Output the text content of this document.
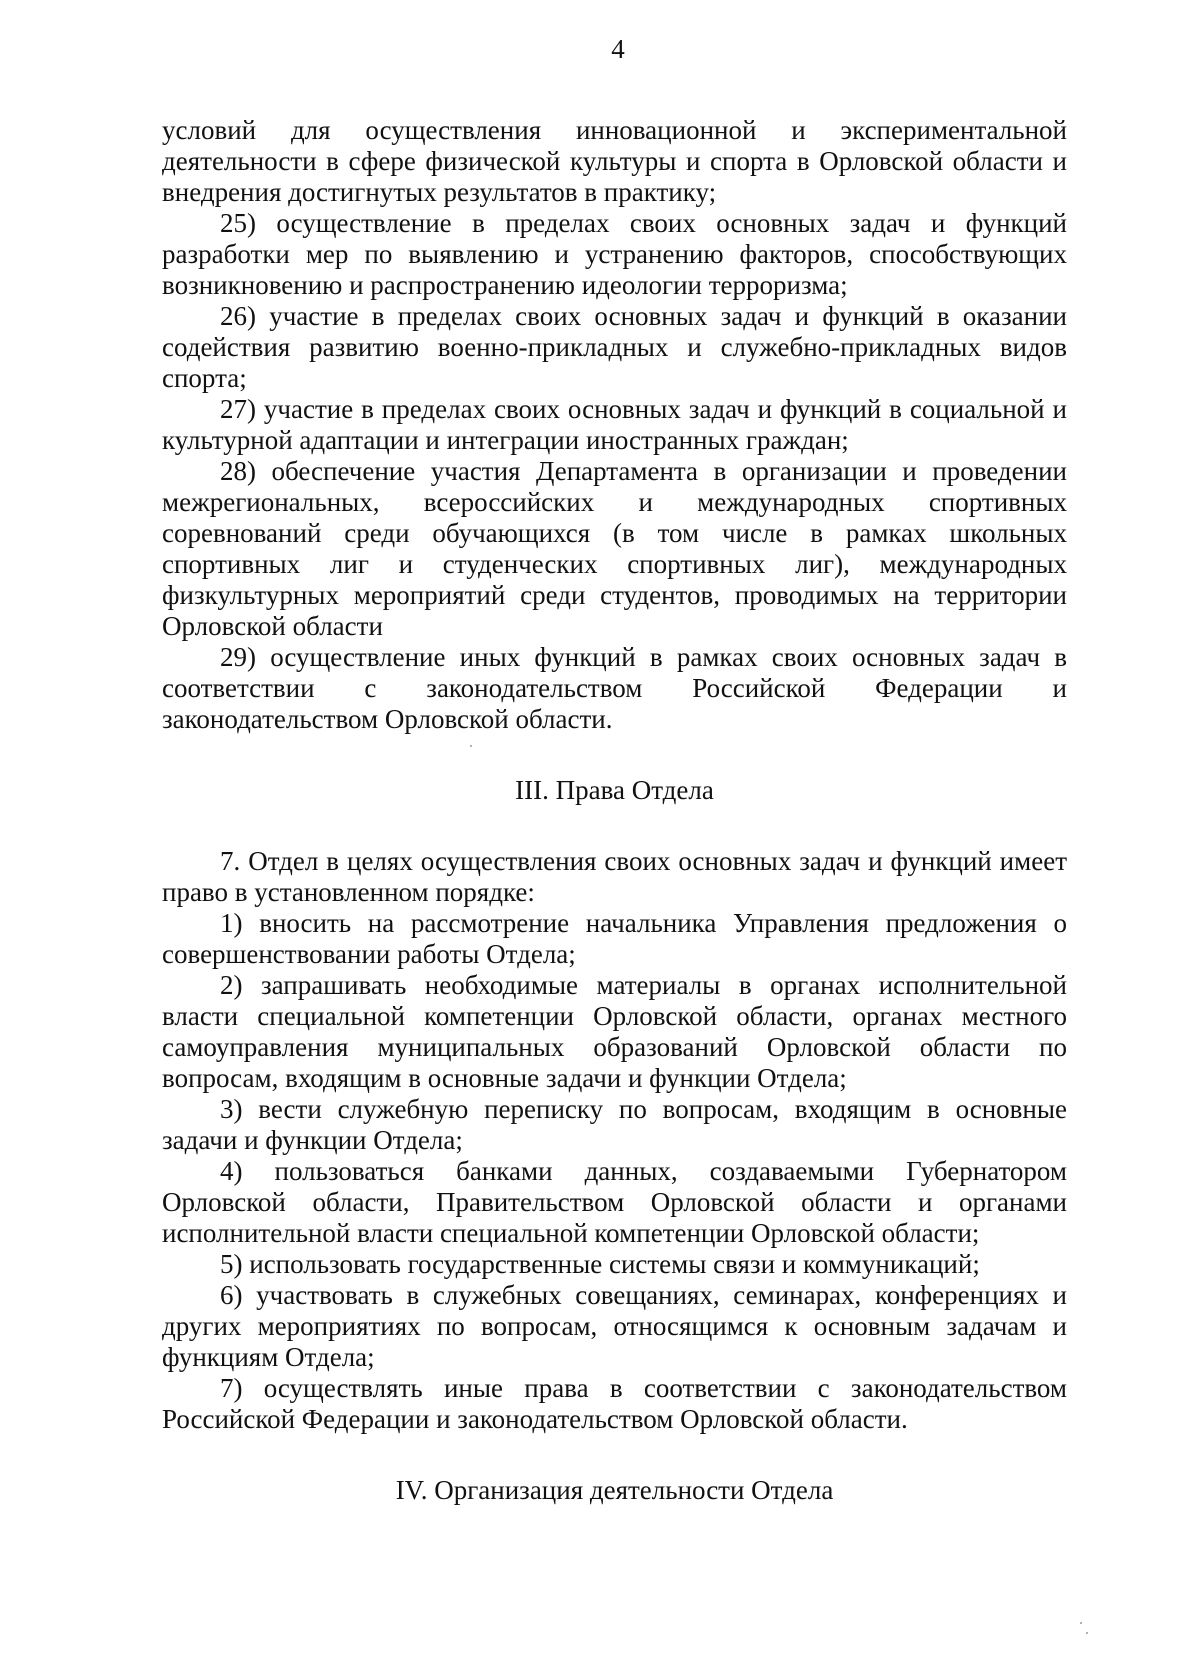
4

условий для осуществления инновационной и экспериментальной деятельности в сфере физической культуры и спорта в Орловской области и внедрения достигнутых результатов в практику;

25) осуществление в пределах своих основных задач и функций разработки мер по выявлению и устранению факторов, способствующих возникновению и распространению идеологии терроризма;

26) участие в пределах своих основных задач и функций в оказании содействия развитию военно-прикладных и служебно-прикладных видов спорта;

27) участие в пределах своих основных задач и функций в социальной и культурной адаптации и интеграции иностранных граждан;

28) обеспечение участия Департамента в организации и проведении межрегиональных, всероссийских и международных спортивных соревнований среди обучающихся (в том числе в рамках школьных спортивных лиг и студенческих спортивных лиг), международных физкультурных мероприятий среди студентов, проводимых на территории Орловской области

29) осуществление иных функций в рамках своих основных задач в соответствии с законодательством Российской Федерации и законодательством Орловской области.

III. Права Отдела

7. Отдел в целях осуществления своих основных задач и функций имеет право в установленном порядке:

1) вносить на рассмотрение начальника Управления предложения о совершенствовании работы Отдела;

2) запрашивать необходимые материалы в органах исполнительной власти специальной компетенции Орловской области, органах местного самоуправления муниципальных образований Орловской области по вопросам, входящим в основные задачи и функции Отдела;

3) вести служебную переписку по вопросам, входящим в основные задачи и функции Отдела;

4) пользоваться банками данных, создаваемыми Губернатором Орловской области, Правительством Орловской области и органами исполнительной власти специальной компетенции Орловской области;

5) использовать государственные системы связи и коммуникаций;

6) участвовать в служебных совещаниях, семинарах, конференциях и других мероприятиях по вопросам, относящимся к основным задачам и функциям Отдела;

7) осуществлять иные права в соответствии с законодательством Российской Федерации и законодательством Орловской области.

IV. Организация деятельности Отдела
